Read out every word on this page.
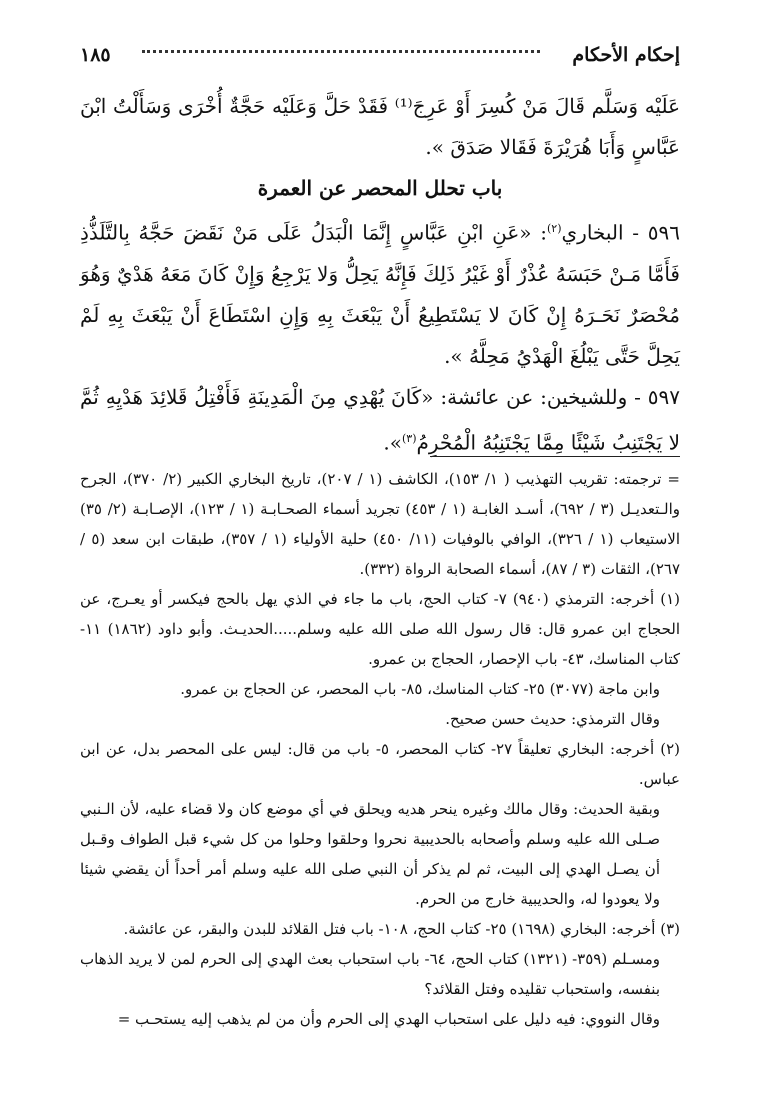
١٨٥	إحكام الأحكام

عَلَيْه وَسَلَّم قَالَ مَنْ كُسِرَ أَوْ عَرِجَ⁽¹⁾ فَقَدْ حَلَّ وَعَلَيْه حَجَّةٌ أُخْرَى وَسَأَلْتُ ابْنَ عَبَّاسٍ وَأَبَا هُرَيْرَةَ فَقَالا صَدَقَ ».

باب تحلل المحصر عن العمرة

٥٩٦ - البخاري$^{(٢)}$: «عَنِ ابْنِ عَبَّاسٍ إِنَّمَا الْبَدَلُ عَلَى مَنْ نَقَضَ حَجَّهُ بِالتَّلَذُّذِ فَأَمَّا مَـنْ حَبَسَهُ عُذْرٌ أَوْ غَيْرُ ذَلِكَ فَإِنَّهُ يَحِلُّ وَلا يَرْجِعُ وَإِنْ كَانَ مَعَهُ هَدْيٌ وَهُوَ مُحْصَرٌ نَحَـرَهُ إِنْ كَانَ لا يَسْتَطِيعُ أَنْ يَبْعَثَ بِهِ وَإِنِ اسْتَطَاعَ أَنْ يَبْعَثَ بِهِ لَمْ يَحِلَّ حَتَّى يَبْلُغَ الْهَدْيُ مَحِلَّهُ ».

٥٩٧ - وللشيخين: عن عائشة: «كَانَ يُهْدِي مِنَ الْمَدِينَةِ فَأَفْتِلُ قَلائِدَ هَدْيِهِ ثُمَّ لا يَجْتَنِبُ شَيْئًا مِمَّا يَجْتَنِبُهُ الْمُحْرِمُ$^{(٣)}$».

= ترجمته: تقريب التهذيب ( ١/ ١٥٣)، الكاشف (١ / ٢٠٧)، تاريخ البخاري الكبير (٢/ ٣٧٠)، الجرح والـتعديـل (٣ / ٦٩٢)، أسـد الغابـة (١ / ٤٥٣) تجريد أسماء الصحـابـة (١ / ١٢٣)، الإصـابـة (٢/ ٣٥) الاستيعاب (١ / ٣٢٦)، الوافي بالوفيات (١١/ ٤٥٠) حلية الأولياء (١ / ٣٥٧)، طبقات ابن سعد (٥ / ٢٦٧)، الثقات (٣ / ٨٧)، أسماء الصحابة الرواة (٣٣٢).

(١) أخرجه: الترمذي (٩٤٠) ٧- كتاب الحج، باب ما جاء في الذي يهل بالحج فيكسر أو يعـرج، عن الحجاج ابن عمرو قال: قال رسول الله صلى الله عليه وسلم.....الحديـث. وأبو داود (١٨٦٢) ١١- كتاب المناسك، ٤٣- باب الإحصار، الحجاج بن عمرو.

وابن ماجة (٣٠٧٧) ٢٥- كتاب المناسك، ٨٥- باب المحصر، عن الحجاج بن عمرو.

وقال الترمذي: حديث حسن صحيح.

(٢) أخرجه: البخاري تعليقاً ٢٧- كتاب المحصر، ٥- باب من قال: ليس على المحصر بدل، عن ابن عباس.

وبقية الحديث: وقال مالك وغيره ينحر هديه ويحلق في أي موضع كان ولا قضاء عليه، لأن الـنبي صـلى الله عليه وسلم وأصحابه بالحديبية نحروا وحلقوا وحلوا من كل شيء قبل الطواف وقـبل أن يصـل الهدي إلى البيت، ثم لم يذكر أن النبي صلى الله عليه وسلم أمر أحداً أن يقضي شيئا ولا يعودوا له، والحديبية خارج من الحرم.

(٣) أخرجه: البخاري (١٦٩٨) ٢٥- كتاب الحج، ١٠٨- باب فتل القلائد للبدن والبقر، عن عائشة.

ومسـلم (٣٥٩- (١٣٢١) كتاب الحج، ٦٤- باب استحباب بعث الهدي إلى الحرم لمن لا يريد الذهاب بنفسه، واستحباب تقليده وفتل القلائد؟

وقال النووي: فيه دليل على استحباب الهدي إلى الحرم وأن من لم يذهب إليه يستحـب =
